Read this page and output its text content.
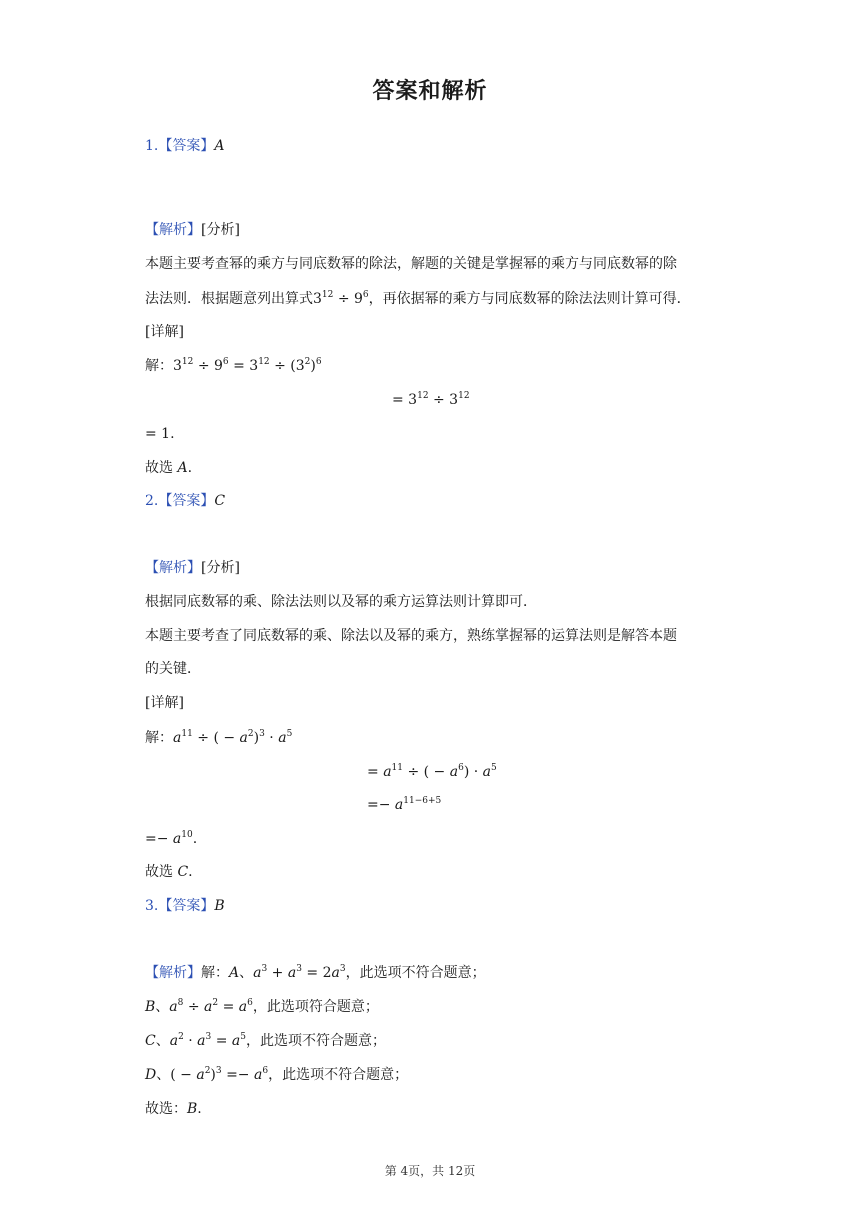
答案和解析
1.【答案】A
【解析】[分析]
本题主要考查幂的乘方与同底数幂的除法，解题的关键是掌握幂的乘方与同底数幂的除
法法则．根据题意列出算式$3^{12} \div 9^6$，再依据幂的乘方与同底数幂的除法法则计算可得．
[详解]
解：$3^{12} \div 9^6 = 3^{12} \div (3^2)^6$
= $3^{12} \div 3^{12}$
= 1.
故选 A.
2.【答案】C
【解析】[分析]
根据同底数幂的乘、除法法则以及幂的乘方运算法则计算即可．
本题主要考查了同底数幂的乘、除法以及幂的乘方，熟练掌握幂的运算法则是解答本题
的关键．
[详解]
解：$a^{11}$ ÷ ( − $a^2)^3 \cdot a^5$
= $a^{11}$ ÷ ( − $a^6) \cdot a^5$
=− $a^{11-6+5}$
=− $a^{10}$.
故选 C.
3.【答案】B
【解析】解：A、$a^3 + a^3 = 2a^3$，此选项不符合题意；
B、$a^8 \div a^2 = a^6$，此选项符合题意；
C、$a^2 \cdot a^3 = a^5$，此选项不符合题意；
D、( − $a^2)^3 =- a^6$，此选项不符合题意；
故选：B.
第 4页，共 12页
